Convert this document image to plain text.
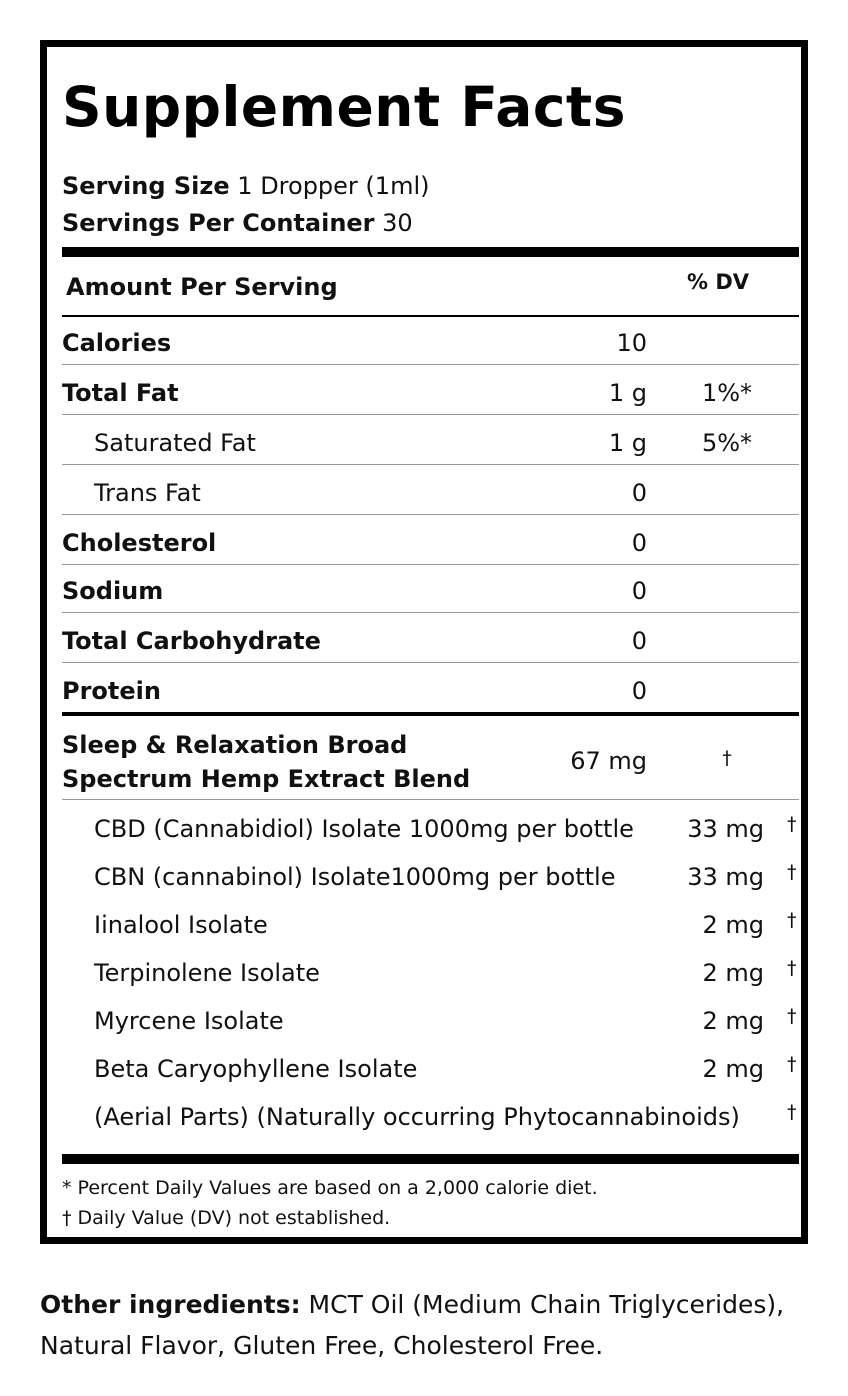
Supplement Facts
Serving Size 1 Dropper (1ml)
Servings Per Container 30
Amount Per Serving	% DV
Calories	10
Total Fat	1 g	1%*
Saturated Fat	1 g	5%*
Trans Fat	0
Cholesterol	0
Sodium	0
Total Carbohydrate	0
Protein	0
Sleep & Relaxation Broad
Spectrum Hemp Extract Blend
67 mg	†
CBD (Cannabidiol) Isolate 1000mg per bottle	33 mg †
CBN (cannabinol) Isolate1000mg per bottle	33 mg †
Iinalool Isolate	2 mg †
Terpinolene Isolate	2 mg †
Myrcene Isolate	2 mg †
Beta Caryophyllene Isolate	2 mg †
(Aerial Parts) (Naturally occurring Phytocannabinoids) †
* Percent Daily Values are based on a 2,000 calorie diet.
† Daily Value (DV) not established.
Other ingredients: MCT Oil (Medium Chain Triglycerides), Natural Flavor, Gluten Free, Cholesterol Free.
